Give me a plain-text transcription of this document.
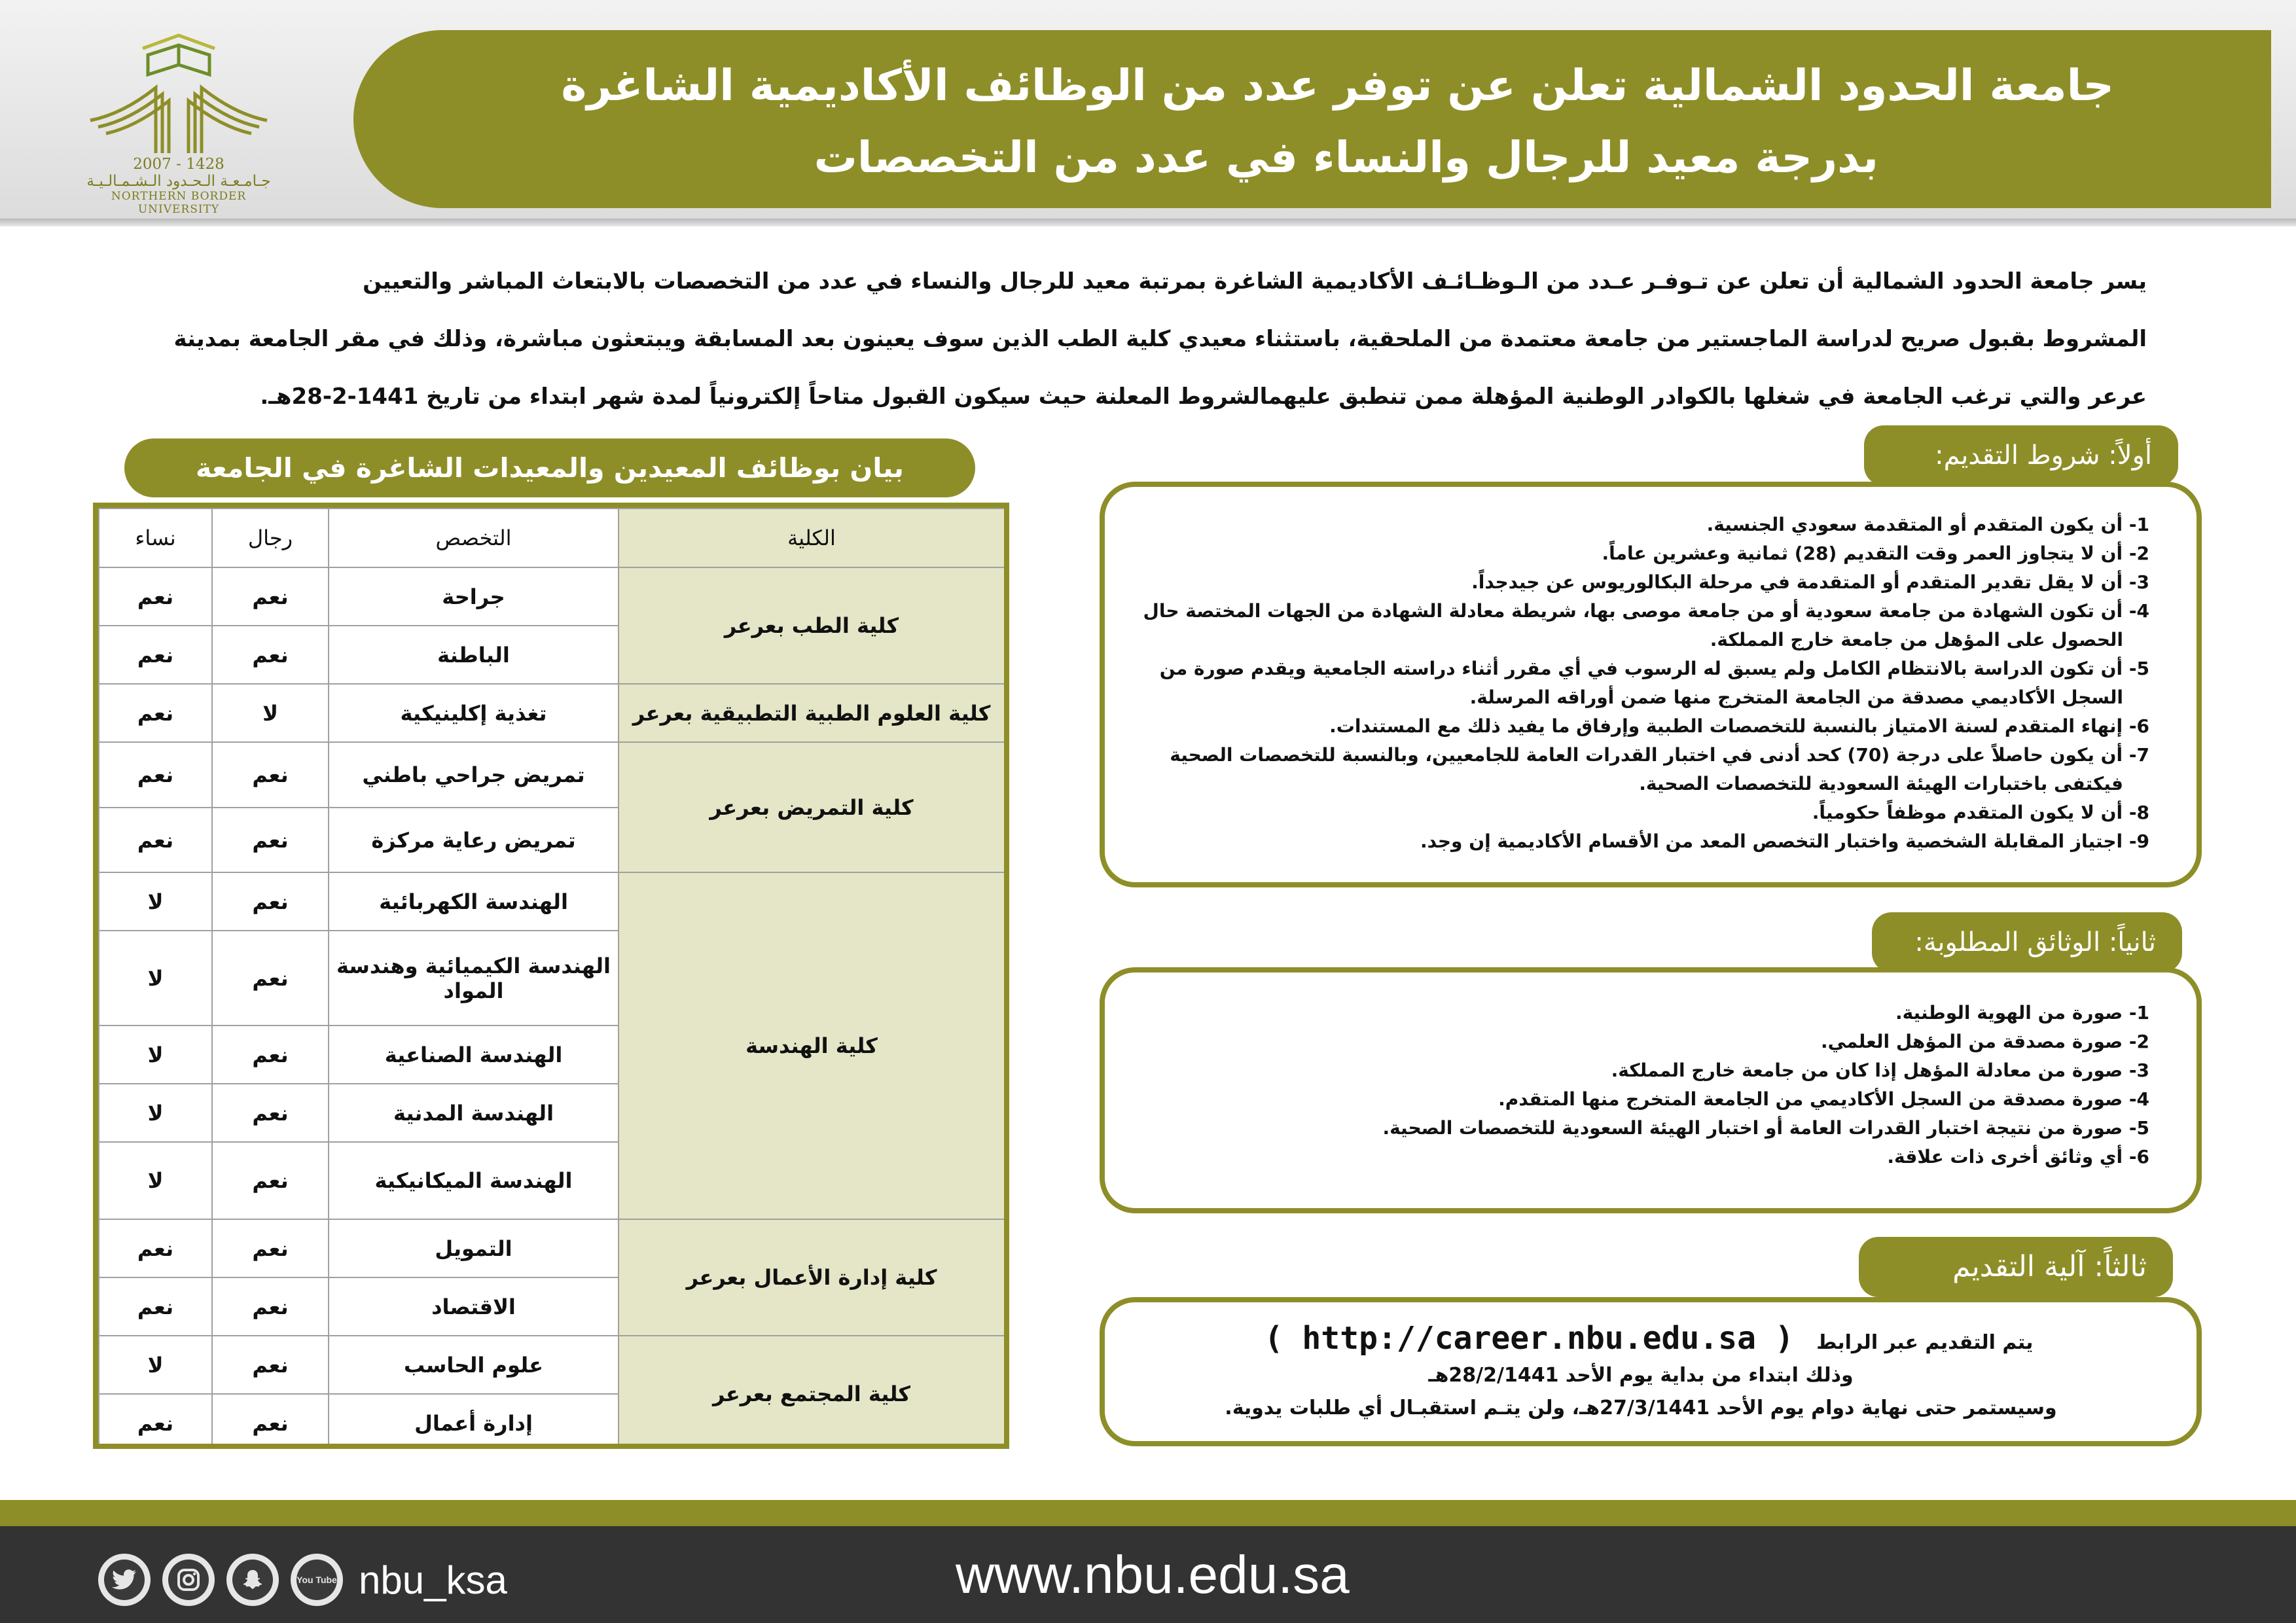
1428 - 2007
جـامـعـة الـحـدود الـشـمـالـيـة
NORTHERN BORDER UNIVERSITY
جامعة الحدود الشمالية تعلن عن توفر عدد من الوظائف الأكاديمية الشاغرة
بدرجة معيد للرجال والنساء في عدد من التخصصات
يسر جامعة الحدود الشمالية أن تعلن عن تـوفـر عـدد من الـوظـائـف الأكاديمية الشاغرة بمرتبة معيد للرجال والنساء في عدد من التخصصات بالابتعاث المباشر والتعيين
المشروط بقبول صريح لدراسة الماجستير من جامعة معتمدة من الملحقية، باستثناء معيدي كلية الطب الذين سوف يعينون بعد المسابقة ويبتعثون مباشرة، وذلك في مقر الجامعة بمدينة
عرعر والتي ترغب الجامعة في شغلها بالكوادر الوطنية المؤهلة ممن تنطبق عليهمالشروط المعلنة حيث سيكون القبول متاحاً إلكترونياً لمدة شهر ابتداء من تاريخ 1441-2-28هـ.
بيان بوظائف المعيدين والمعيدات الشاغرة في الجامعة
الكلية	التخصص	رجال	نساء
كلية الطب بعرعر	جراحة	نعم	نعم
	الباطنة	نعم	نعم
كلية العلوم الطبية التطبيقية بعرعر	تغذية إكلينيكية	لا	نعم
كلية التمريض بعرعر	تمريض جراحي باطني	نعم	نعم
	تمريض رعاية مركزة	نعم	نعم
كلية الهندسة	الهندسة الكهربائية	نعم	لا
	الهندسة الكيميائية وهندسة المواد	نعم	لا
	الهندسة الصناعية	نعم	لا
	الهندسة المدنية	نعم	لا
	الهندسة الميكانيكية	نعم	لا
كلية إدارة الأعمال بعرعر	التمويل	نعم	نعم
	الاقتصاد	نعم	نعم
كلية المجتمع بعرعر	علوم الحاسب	نعم	لا
	إدارة أعمال	نعم	نعم
أولاً: شروط التقديم:

1- أن يكون المتقدم أو المتقدمة سعودي الجنسية.

2- أن لا يتجاوز العمر وقت التقديم (28) ثمانية وعشرين عاماً.

3- أن لا يقل تقدير المتقدم أو المتقدمة في مرحلة البكالوريوس عن جيدجداً.

4- أن تكون الشهادة من جامعة سعودية أو من جامعة موصى بها، شريطة معادلة الشهادة من الجهات المختصة حال

الحصول على المؤهل من جامعة خارج المملكة.

5- أن تكون الدراسة بالانتظام الكامل ولم يسبق له الرسوب في أي مقرر أثناء دراسته الجامعية ويقدم صورة من

السجل الأكاديمي مصدقة من الجامعة المتخرج منها ضمن أوراقه المرسلة.

6- إنهاء المتقدم لسنة الامتياز بالنسبة للتخصصات الطبية وإرفاق ما يفيد ذلك مع المستندات.

7- أن يكون حاصلاً على درجة (70) كحد أدنى في اختبار القدرات العامة للجامعيين، وبالنسبة للتخصصات الصحية

فيكتفى باختبارات الهيئة السعودية للتخصصات الصحية.

8- أن لا يكون المتقدم موظفاً حكومياً.

9- اجتياز المقابلة الشخصية واختبار التخصص المعد من الأقسام الأكاديمية إن وجد.

ثانياً: الوثائق المطلوبة:

1- صورة من الهوية الوطنية.

2- صورة مصدقة من المؤهل العلمي.

3- صورة من معادلة المؤهل إذا كان من جامعة خارج المملكة.

4- صورة مصدقة من السجل الأكاديمي من الجامعة المتخرج منها المتقدم.

5- صورة من نتيجة اختبار القدرات العامة أو اختبار الهيئة السعودية للتخصصات الصحية.

6- أي وثائق أخرى ذات علاقة.

ثالثاً: آلية التقديم

يتم التقديم عبر الرابط ( http://career.nbu.edu.sa )

وذلك ابتداء من بداية يوم الأحد 28/2/1441هـ

وسيستمر حتى نهاية دوام يوم الأحد 27/3/1441هـ، ولن يتـم استقبـال أي طلبات يدوية.

You Tube nbu_ksa	www.nbu.edu.sa
